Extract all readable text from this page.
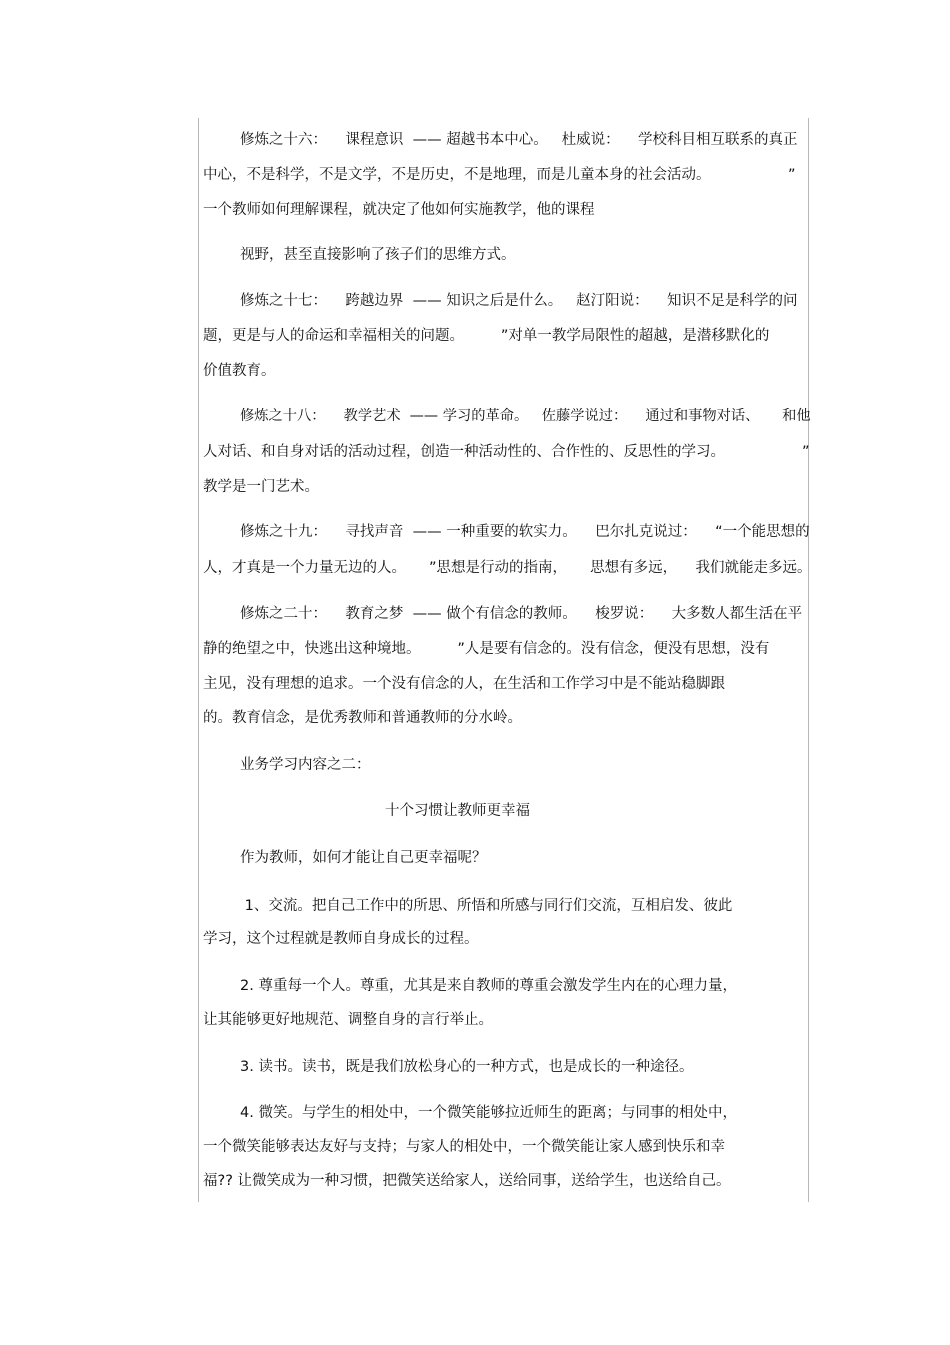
修炼之十六：    课程意识  —— 超越书本中心。   杜威说：    学校科目相互联系的真正
中心，不是科学，不是文学，不是历史，不是地理，而是儿童本身的社会活动。	”
一个教师如何理解课程，就决定了他如何实施教学，他的课程
视野，甚至直接影响了孩子们的思维方式。
修炼之十七：    跨越边界  —— 知识之后是什么。   赵汀阳说：    知识不足是科学的问
题，更是与人的命运和幸福相关的问题。        ”对单一教学局限性的超越，是潜移默化的
价值教育。
修炼之十八：    教学艺术  —— 学习的革命。   佐藤学说过：    通过和事物对话、     和他
人对话、和自身对话的活动过程，创造一种活动性的、合作性的、反思性的学习。	”
教学是一门艺术。
修炼之十九：    寻找声音  —— 一种重要的软实力。    巴尔扎克说过：    “一个能思想的
人，才真是一个力量无边的人。     ”思想是行动的指南，     思想有多远，    我们就能走多远。
修炼之二十：    教育之梦  —— 做个有信念的教师。    梭罗说：    大多数人都生活在平
静的绝望之中，快逃出这种境地。        ”人是要有信念的。没有信念，便没有思想，没有
主见，没有理想的追求。一个没有信念的人，在生活和工作学习中是不能站稳脚跟
的。教育信念，是优秀教师和普通教师的分水岭。
业务学习内容之二：
十个习惯让教师更幸福
作为教师，如何才能让自己更幸福呢？
1、交流。把自己工作中的所思、所悟和所感与同行们交流，互相启发、彼此
学习，这个过程就是教师自身成长的过程。
2. 尊重每一个人。尊重，尤其是来自教师的尊重会激发学生内在的心理力量，
让其能够更好地规范、调整自身的言行举止。
3. 读书。读书，既是我们放松身心的一种方式，也是成长的一种途径。
4. 微笑。与学生的相处中，一个微笑能够拉近师生的距离；与同事的相处中，
一个微笑能够表达友好与支持；与家人的相处中，一个微笑能让家人感到快乐和幸
福?? 让微笑成为一种习惯，把微笑送给家人，送给同事，送给学生，也送给自己。
